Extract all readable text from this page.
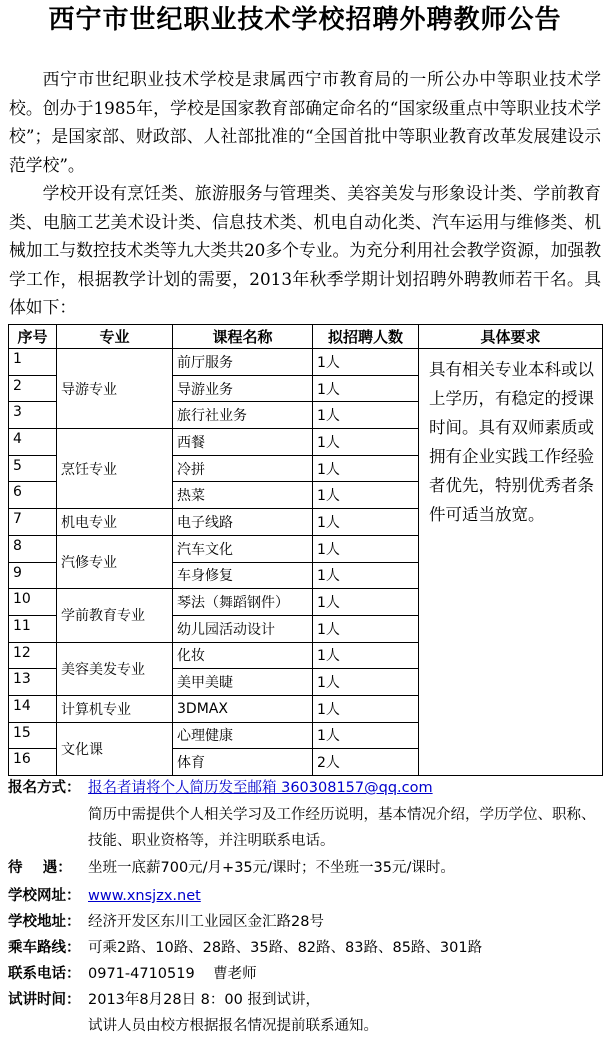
西宁市世纪职业技术学校招聘外聘教师公告

西宁市世纪职业技术学校是隶属西宁市教育局的一所公办中等职业技术学校。创办于1985年，学校是国家教育部确定命名的“国家级重点中等职业技术学校”；是国家部、财政部、人社部批准的“全国首批中等职业教育改革发展建设示范学校”。

学校开设有烹饪类、旅游服务与管理类、美容美发与形象设计类、学前教育类、电脑工艺美术设计类、信息技术类、机电自动化类、汽车运用与维修类、机械加工与数控技术类等九大类共20多个专业。为充分利用社会教学资源，加强教学工作，根据教学计划的需要，2013年秋季学期计划招聘外聘教师若干名。具体如下：

序号	专业	课程名称	拟招聘人数	具体要求
1	导游专业	前厅服务	1人	具有相关专业本科或以上学历，有稳定的授课时间。具有双师素质或拥有企业实践工作经验者优先，特别优秀者条件可适当放宽。
2		导游业务	1人	
3		旅行社业务	1人	
4	烹饪专业	西餐	1人	
5		冷拼	1人	
6		热菜	1人	
7	机电专业	电子线路	1人	
8	汽修专业	汽车文化	1人	
9		车身修复	1人	
10	学前教育专业	琴法（舞蹈钢件）	1人	
11		幼儿园活动设计	1人	
12	美容美发专业	化妆	1人	
13		美甲美睫	1人	
14	计算机专业	3DMAX	1人	
15	文化课	心理健康	1人	
16		体育	2人	
报名方式： 报名者请将个人简历发至邮箱 360308157@qq.com
简历中需提供个人相关学习及工作经历说明，基本情况介绍，学历学位、职称、技能、职业资格等，并注明联系电话。
待    遇： 坐班一底薪700元/月+35元/课时；不坐班一35元/课时。
学校网址： www.xnsjzx.net
学校地址： 经济开发区东川工业园区金汇路28号
乘车路线： 可乘2路、10路、28路、35路、82路、83路、85路、301路
联系电话： 0971-4710519    曹老师
试讲时间： 2013年8月28日 8：00 报到试讲，
试讲人员由校方根据报名情况提前联系通知。
